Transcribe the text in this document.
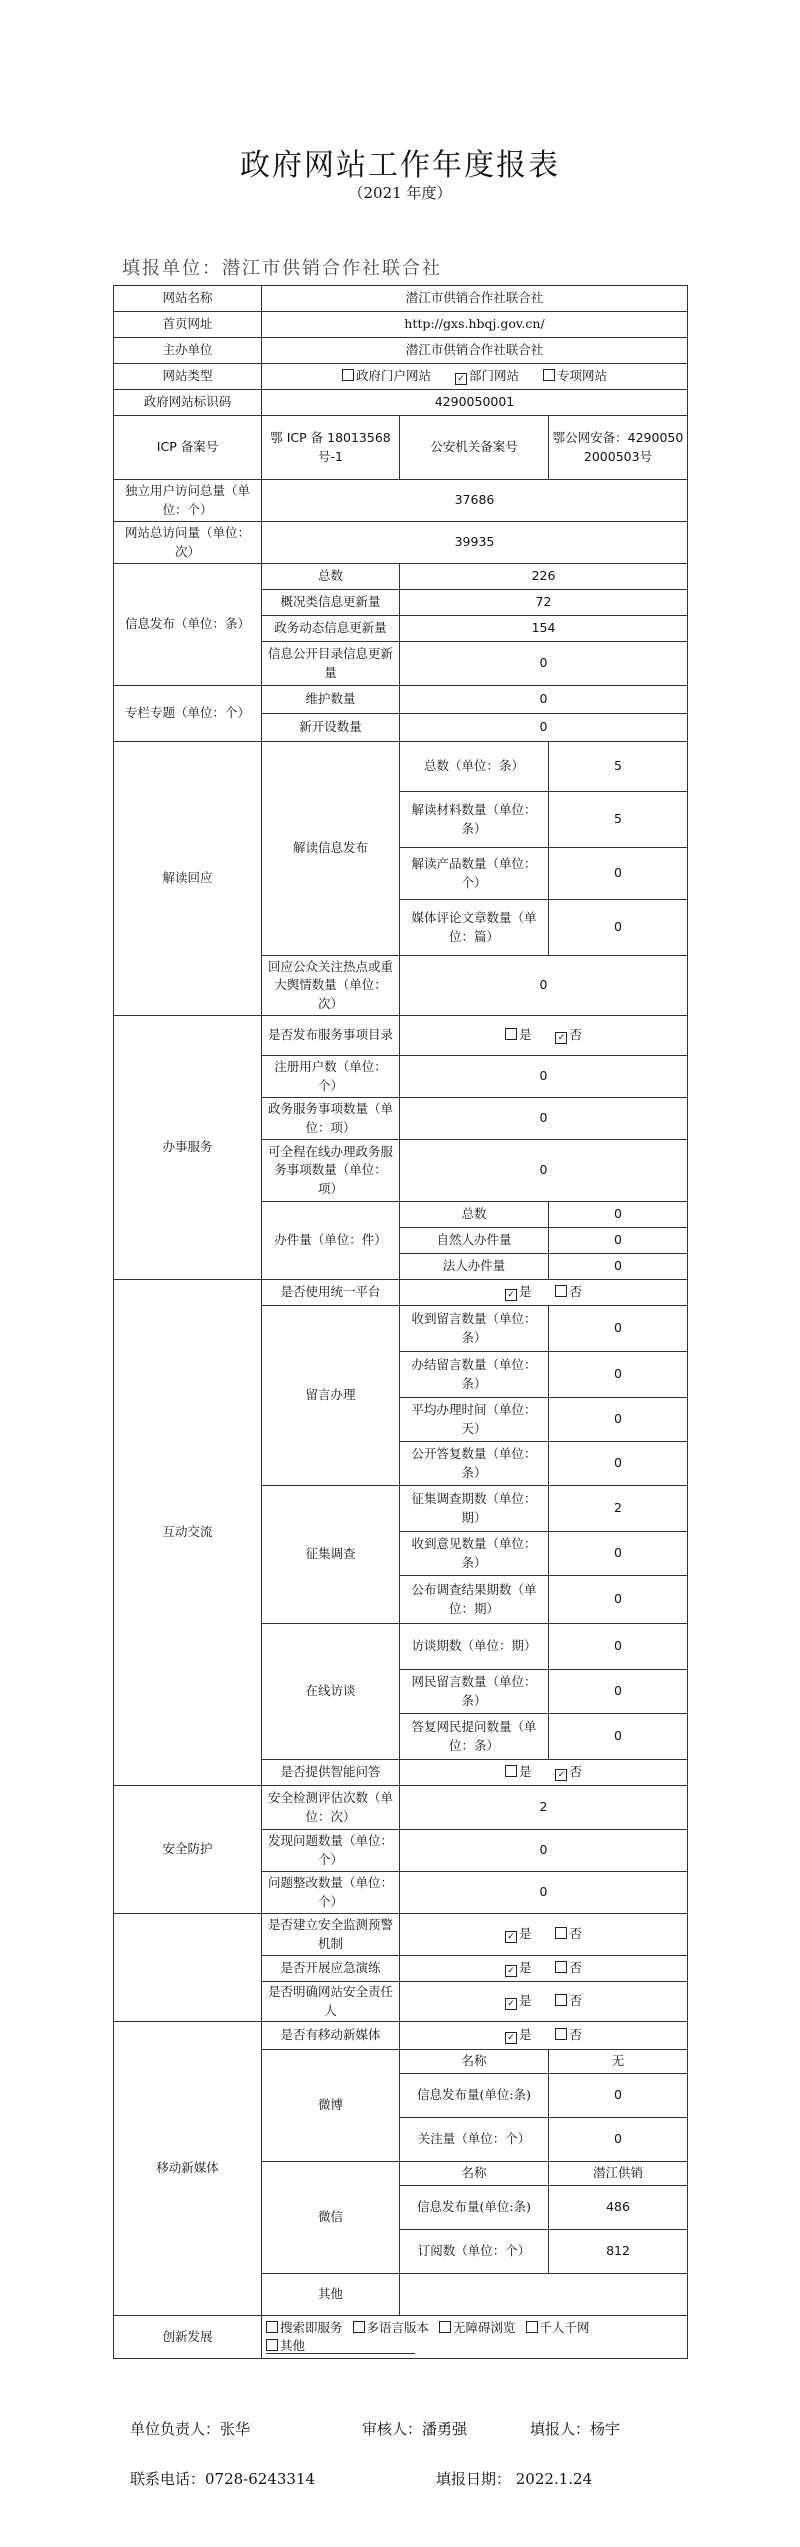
政府网站工作年度报表
（2021 年度）
填报单位：潜江市供销合作社联合社
网站名称	潜江市供销合作社联合社		
首页网址	http://gxs.hbqj.gov.cn/		
主办单位	潜江市供销合作社联合社		
网站类型	政府门户网站 ✓ 部门网站 专项网站		
政府网站标识码	4290050001		
ICP 备案号	鄂 ICP 备 18013568 号-1	公安机关备案号	鄂公网安备：42900502000503号
独立用户访问总量（单位：个）	37686		
网站总访问量（单位：次）	39935		
信息发布（单位：条）	总数	226	
	概况类信息更新量	72	
	政务动态信息更新量	154	
	信息公开目录信息更新量	0	
专栏专题（单位：个）	维护数量	0	
	新开设数量	0	
解读回应	解读信息发布	总数（单位：条）	5
		解读材料数量（单位：条）	5
		解读产品数量（单位：个）	0
		媒体评论文章数量（单位：篇）	0
	回应公众关注热点或重大舆情数量（单位：次）	0	
办事服务	是否发布服务事项目录	是 ✓ 否	
	注册用户数（单位：个）	0	
	政务服务事项数量（单位：项）	0	
	可全程在线办理政务服务事项数量（单位：项）	0	
	办件量（单位：件）	总数	0
		自然人办件量	0
		法人办件量	0
互动交流	是否使用统一平台	✓ 是 否	
	留言办理	收到留言数量（单位：条）	0
		办结留言数量（单位：条）	0
		平均办理时间（单位：天）	0
		公开答复数量（单位：条）	0
	征集调查	征集调查期数（单位：期）	2
		收到意见数量（单位：条）	0
		公布调查结果期数（单位：期）	0
	在线访谈	访谈期数（单位：期）	0
		网民留言数量（单位：条）	0
		答复网民提问数量（单位：条）	0
	是否提供智能问答	是 ✓ 否	
安全防护	安全检测评估次数（单位：次）	2	
	发现问题数量（单位：个）	0	
	问题整改数量（单位：个）	0	
	是否建立安全监测预警机制	✓ 是 否	
	是否开展应急演练	✓ 是 否	
	是否明确网站安全责任人	✓ 是 否	
移动新媒体	是否有移动新媒体	✓ 是 否	
	微博	名称	无
		信息发布量(单位:条)	0
		关注量（单位：个）	0
	微信	名称	潜江供销
		信息发布量(单位:条)	486
		订阅数（单位：个）	812
	其他		
创新发展	搜索即服务 多语言版本 无障碍浏览 千人千网
其他		
单位负责人：张华	审核人：潘勇强	填报人：杨宇
联系电话：0728-6243314	填报日期： 2022.1.24
